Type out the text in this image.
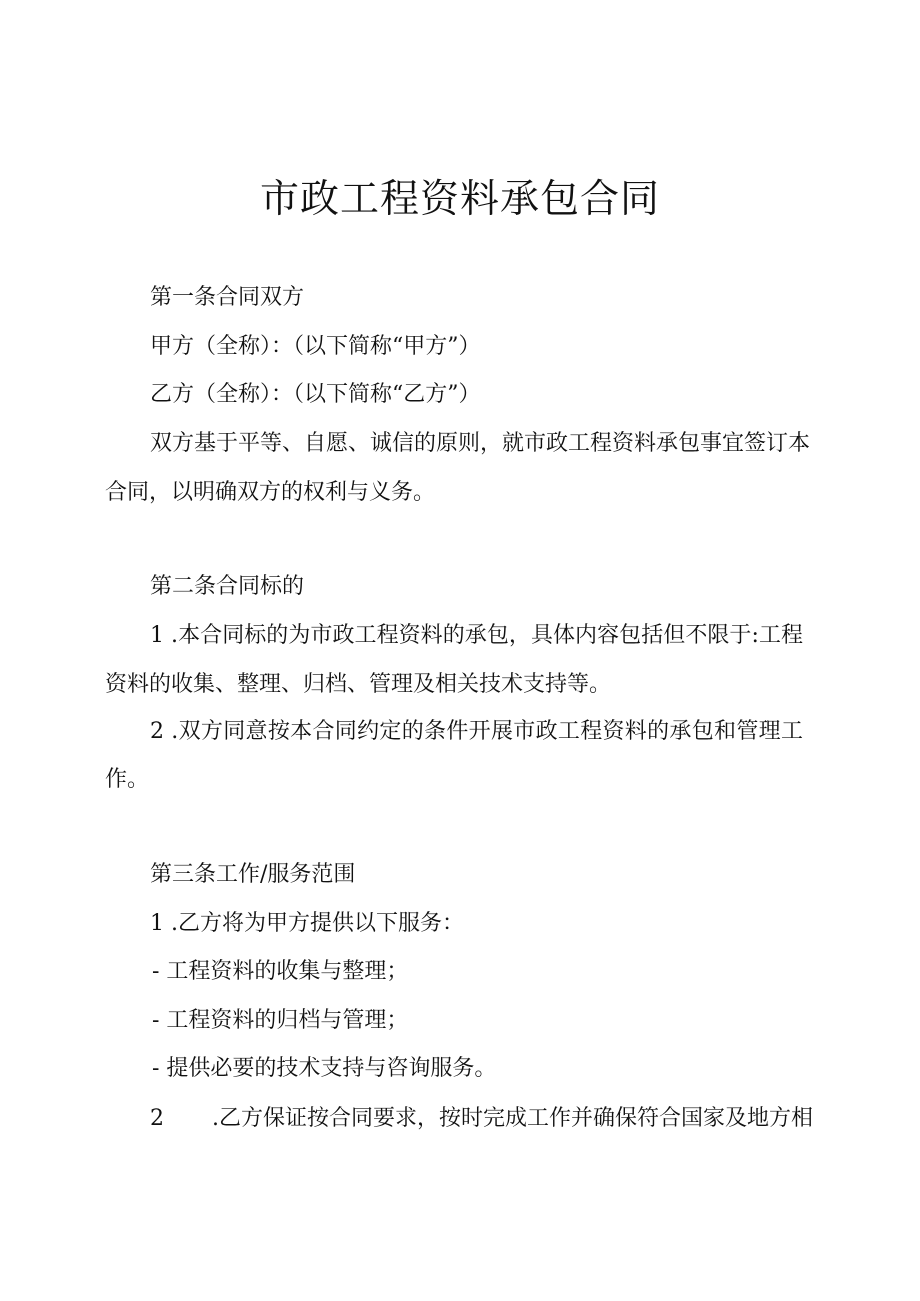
市政工程资料承包合同
第一条合同双方
甲方（全称）：（以下简称“甲方”）
乙方（全称）：（以下简称“乙方”）
双方基于平等、自愿、诚信的原则，就市政工程资料承包事宜签订本
合同，以明确双方的权利与义务。
第二条合同标的
1 .本合同标的为市政工程资料的承包，具体内容包括但不限于:工程
资料的收集、整理、归档、管理及相关技术支持等。
2 .双方同意按本合同约定的条件开展市政工程资料的承包和管理工
作。
第三条工作/服务范围
1 .乙方将为甲方提供以下服务：
- 工程资料的收集与整理；
- 工程资料的归档与管理；
- 提供必要的技术支持与咨询服务。
2 .乙方保证按合同要求，按时完成工作并确保符合国家及地方相
